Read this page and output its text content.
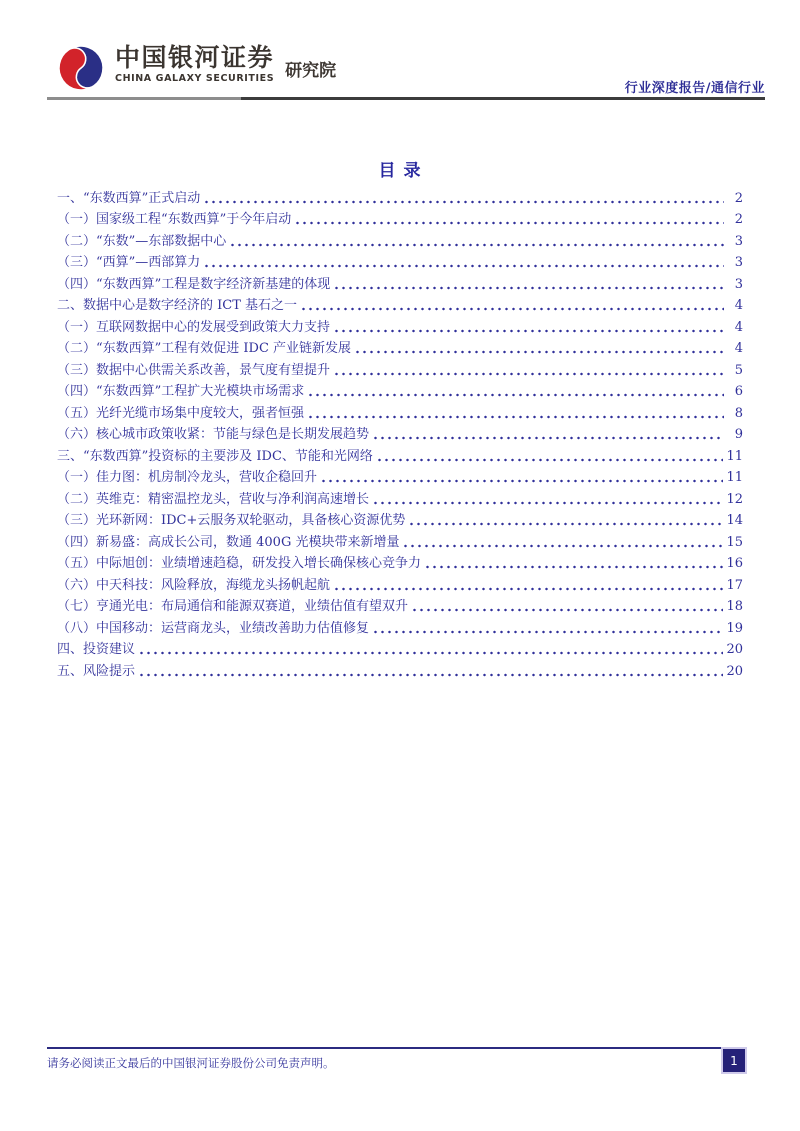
中国银河证券
CHINA GALAXY SECURITIES 研究院
行业深度报告/通信行业
目 录
一、“东数西算”正式启动	2
（一）国家级工程“东数西算”于今年启动	2
（二）“东数”—东部数据中心	3
（三）“西算”—西部算力	3
（四）“东数西算”工程是数字经济新基建的体现	3
二、数据中心是数字经济的 ICT 基石之一	4
（一）互联网数据中心的发展受到政策大力支持	4
（二）“东数西算”工程有效促进 IDC 产业链新发展	4
（三）数据中心供需关系改善，景气度有望提升	5
（四）“东数西算”工程扩大光模块市场需求	6
（五）光纤光缆市场集中度较大，强者恒强	8
（六）核心城市政策收紧：节能与绿色是长期发展趋势	9
三、“东数西算”投资标的主要涉及 IDC、节能和光网络	11
（一）佳力图：机房制冷龙头，营收企稳回升	11
（二）英维克：精密温控龙头，营收与净利润高速增长	12
（三）光环新网：IDC+云服务双轮驱动，具备核心资源优势	14
（四）新易盛：高成长公司，数通 400G 光模块带来新增量	15
（五）中际旭创：业绩增速趋稳，研发投入增长确保核心竞争力	16
（六）中天科技：风险释放，海缆龙头扬帆起航	17
（七）亨通光电：布局通信和能源双赛道，业绩估值有望双升	18
（八）中国移动：运营商龙头，业绩改善助力估值修复	19
四、投资建议	20
五、风险提示	20
请务必阅读正文最后的中国银河证券股份公司免责声明。	1
